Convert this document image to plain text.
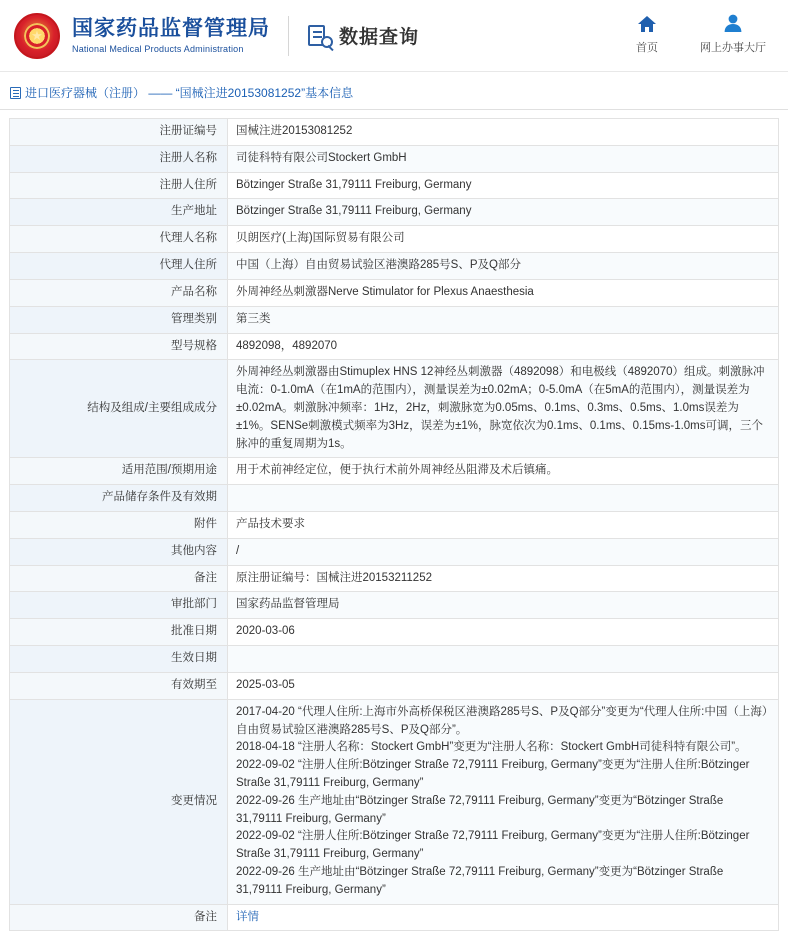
★
国家药品监督管理局
National Medical Products Administration
数据查询	首页	网上办事大厅
进口医疗器械（注册） —— “国械注进20153081252”基本信息
注册证编号	国械注进20153081252
注册人名称	司徒科特有限公司Stockert GmbH
注册人住所	Bötzinger Straße 31,79111 Freiburg, Germany
生产地址	Bötzinger Straße 31,79111 Freiburg, Germany
代理人名称	贝朗医疗(上海)国际贸易有限公司
代理人住所	中国（上海）自由贸易试验区港澳路285号S、P及Q部分
产品名称	外周神经丛刺激器Nerve Stimulator for Plexus Anaesthesia
管理类别	第三类
型号规格	4892098，4892070
结构及组成/主要组成成分	外周神经丛刺激器由Stimuplex HNS 12神经丛刺激器（4892098）和电极线（4892070）组成。刺激脉冲电流：0-1.0mA（在1mA的范围内），测量误差为±0.02mA；0-5.0mA（在5mA的范围内），测量误差为±0.02mA。刺激脉冲频率：1Hz，2Hz，刺激脉宽为0.05ms、0.1ms、0.3ms、0.5ms、1.0ms误差为±1%。SENSe刺激模式频率为3Hz，误差为±1%，脉宽依次为0.1ms、0.1ms、0.15ms-1.0ms可调，三个脉冲的重复周期为1s。
适用范围/预期用途	用于术前神经定位，便于执行术前外周神经丛阻滞及术后镇痛。
产品储存条件及有效期	
附件	产品技术要求
其他内容	/
备注	原注册证编号：国械注进20153211252
审批部门	国家药品监督管理局
批准日期	2020-03-06
生效日期	
有效期至	2025-03-05
变更情况	
2017-04-20 “代理人住所:上海市外高桥保税区港澳路285号S、P及Q部分”变更为“代理人住所:中国（上海）自由贸易试验区港澳路285号S、P及Q部分”。
2018-04-18 “注册人名称：Stockert GmbH”变更为“注册人名称：Stockert GmbH司徒科特有限公司”。
2022-09-02 “注册人住所:Bötzinger Straße 72,79111 Freiburg, Germany”变更为“注册人住所:Bötzinger Straße 31,79111 Freiburg, Germany”
2022-09-26 生产地址由“Bötzinger Straße 72,79111 Freiburg, Germany”变更为“Bötzinger Straße 31,79111 Freiburg, Germany”
2022-09-02 “注册人住所:Bötzinger Straße 72,79111 Freiburg, Germany”变更为“注册人住所:Bötzinger Straße 31,79111 Freiburg, Germany”
2022-09-26 生产地址由“Bötzinger Straße 72,79111 Freiburg, Germany”变更为“Bötzinger Straße 31,79111 Freiburg, Germany”

备注	详情
